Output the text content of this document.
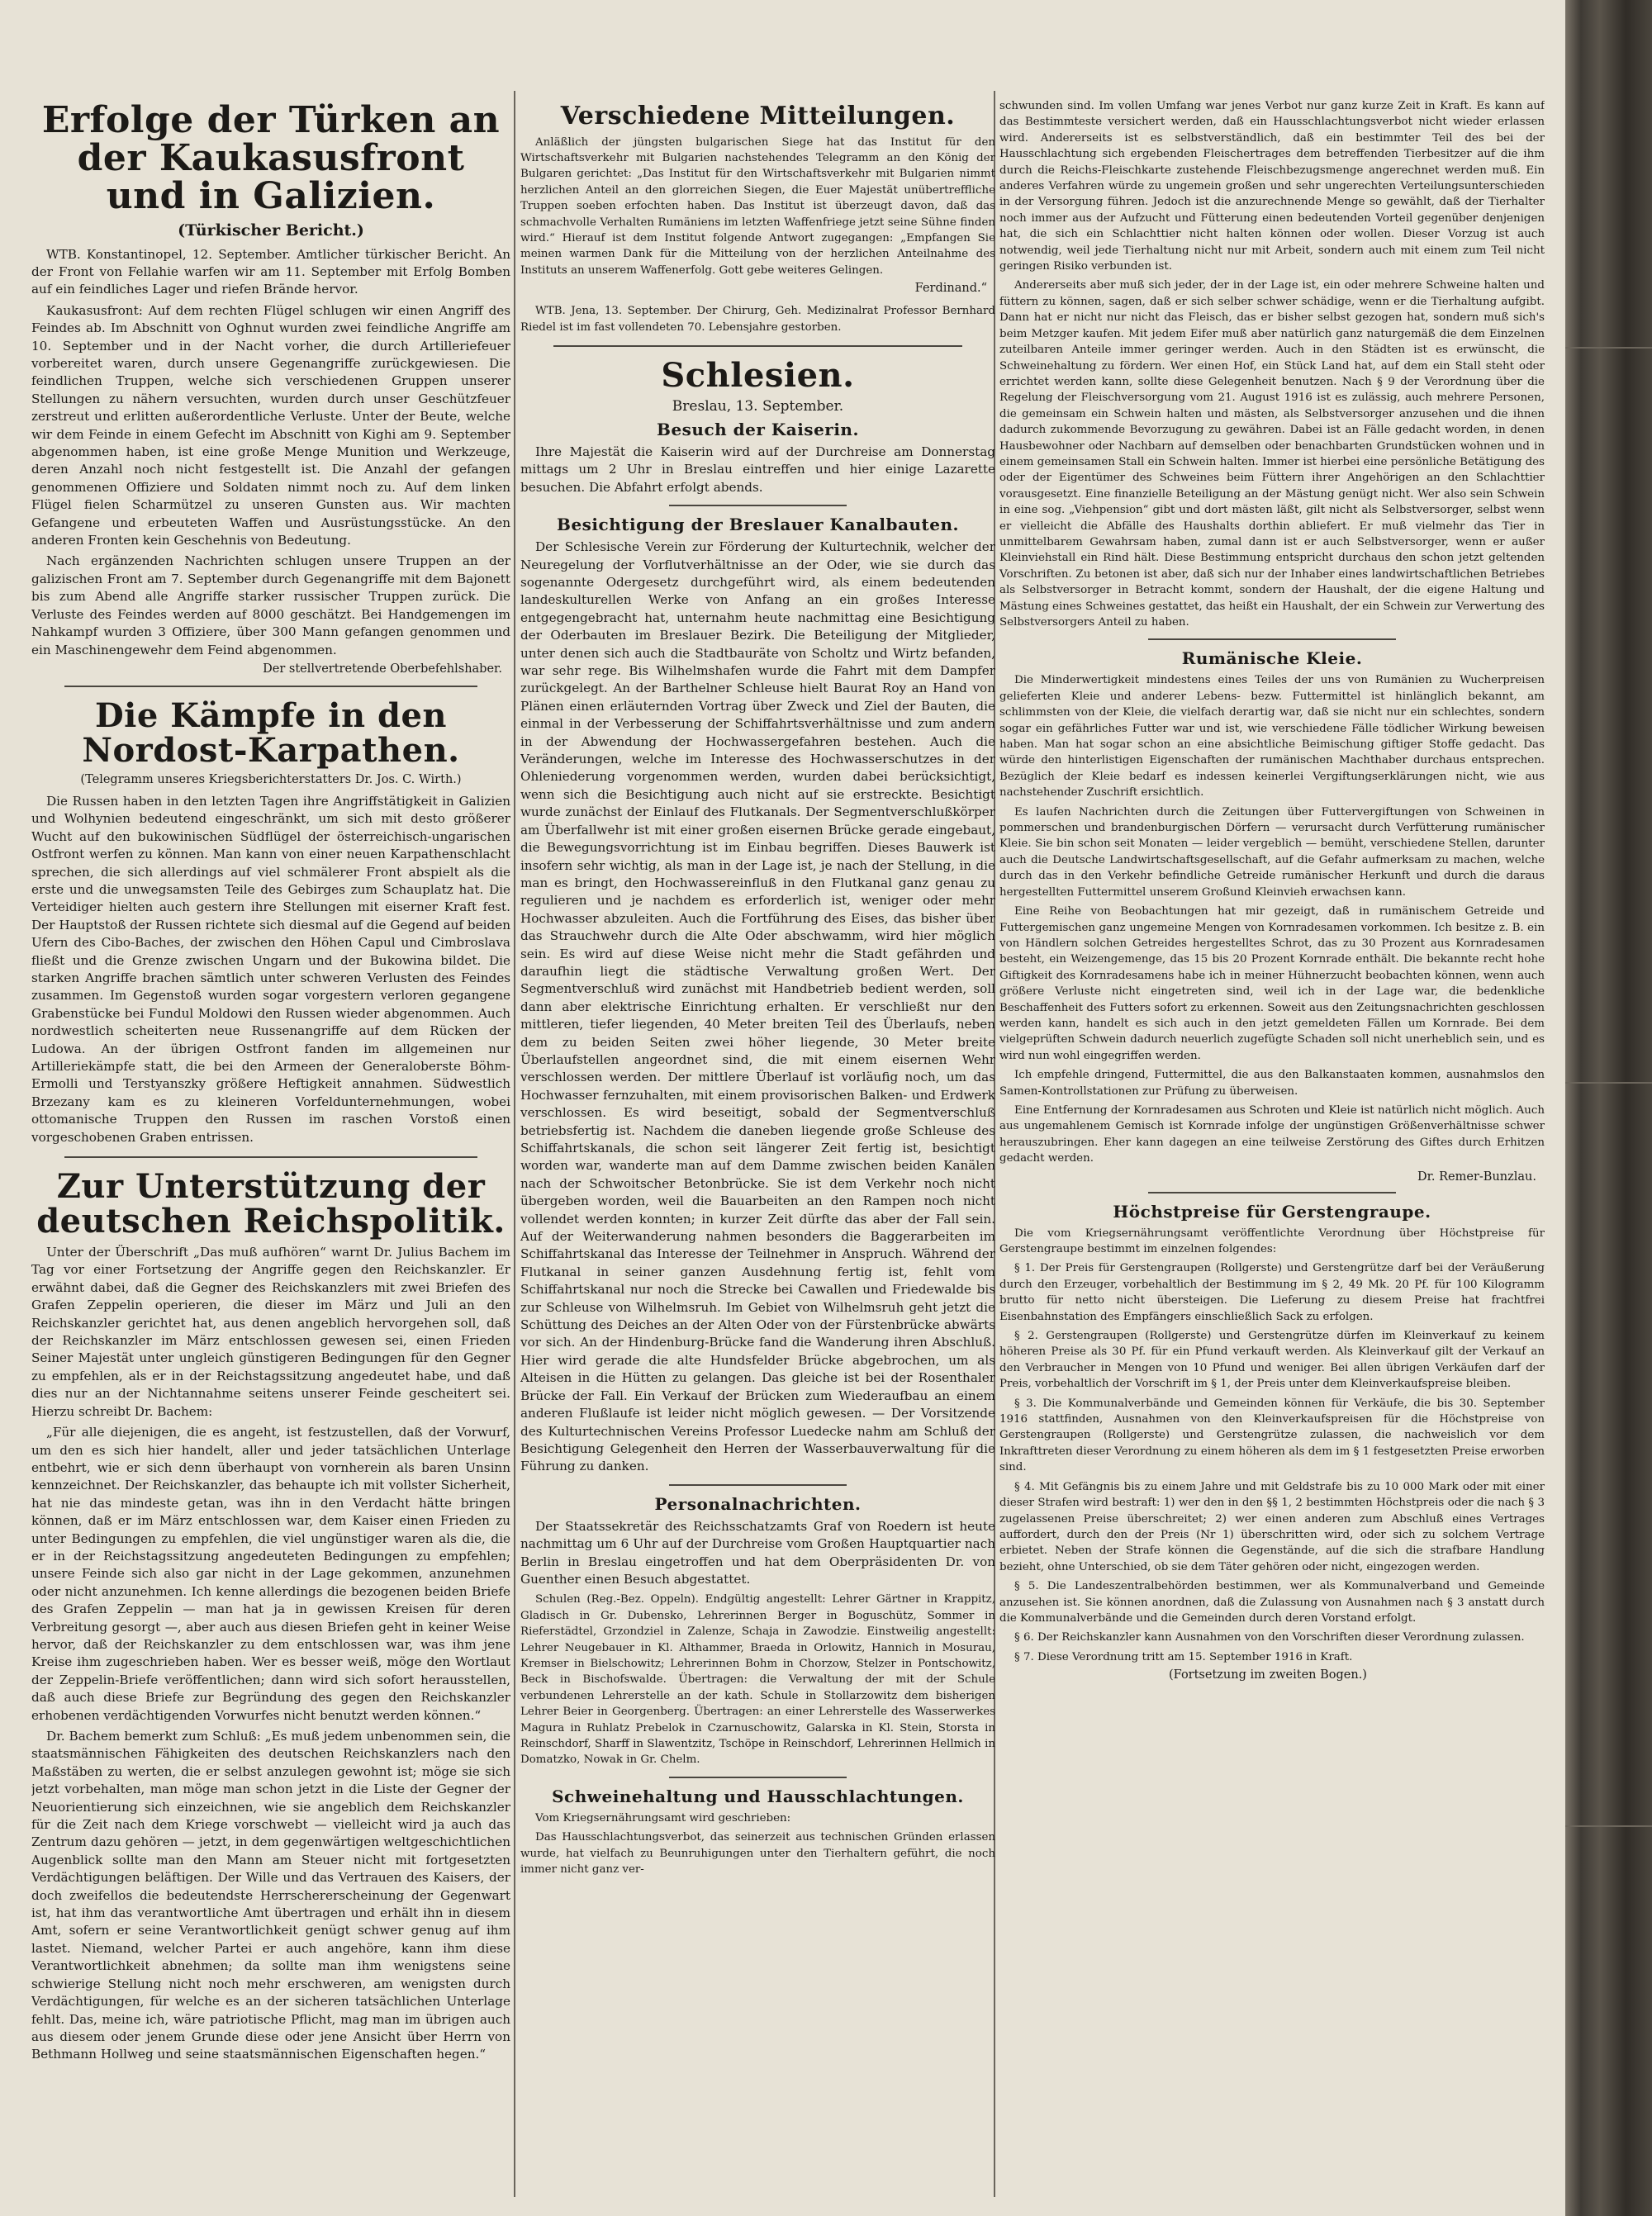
Erfolge der Türken an der Kaukasusfront und in Galizien.
(Türkischer Bericht.)

WTB. Konstantinopel, 12. September. Amtlicher türkischer Bericht. An der Front von Fellahie warfen wir am 11. September mit Erfolg Bomben auf ein feindliches Lager und riefen Brände hervor.

Kaukasusfront: Auf dem rechten Flügel schlugen wir einen Angriff des Feindes ab. Im Abschnitt von Oghnut wurden zwei feindliche Angriffe am 10. September und in der Nacht vorher, die durch Artilleriefeuer vorbereitet waren, durch unsere Gegenangriffe zurückgewiesen. Die feindlichen Truppen, welche sich verschiedenen Gruppen unserer Stellungen zu nähern versuchten, wurden durch unser Geschützfeuer zerstreut und erlitten außerordentliche Verluste. Unter der Beute, welche wir dem Feinde in einem Gefecht im Abschnitt von Kighi am 9. September abgenommen haben, ist eine große Menge Munition und Werkzeuge, deren Anzahl noch nicht festgestellt ist. Die Anzahl der gefangen genommenen Offiziere und Soldaten nimmt noch zu. Auf dem linken Flügel fielen Scharmützel zu unseren Gunsten aus. Wir machten Gefangene und erbeuteten Waffen und Ausrüstungsstücke. An den anderen Fronten kein Geschehnis von Bedeutung.

Nach ergänzenden Nachrichten schlugen unsere Truppen an der galizischen Front am 7. September durch Gegenangriffe mit dem Bajonett bis zum Abend alle Angriffe starker russischer Truppen zurück. Die Verluste des Feindes werden auf 8000 geschätzt. Bei Handgemengen im Nahkampf wurden 3 Offiziere, über 300 Mann gefangen genommen und ein Maschinengewehr dem Feind abgenommen.

Der stellvertretende Oberbefehlshaber.
Die Kämpfe in den Nordost-Karpathen.
(Telegramm unseres Kriegsberichterstatters Dr. Jos. C. Wirth.)

Die Russen haben in den letzten Tagen ihre Angriffstätigkeit in Galizien und Wolhynien bedeutend eingeschränkt, um sich mit desto größerer Wucht auf den bukowinischen Südflügel der österreichisch-ungarischen Ostfront werfen zu können. Man kann von einer neuen Karpathenschlacht sprechen, die sich allerdings auf viel schmälerer Front abspielt als die erste und die unwegsamsten Teile des Gebirges zum Schauplatz hat. Die Verteidiger hielten auch gestern ihre Stellungen mit eiserner Kraft fest. Der Hauptstoß der Russen richtete sich diesmal auf die Gegend auf beiden Ufern des Cibo-Baches, der zwischen den Höhen Capul und Cimbroslava fließt und die Grenze zwischen Ungarn und der Bukowina bildet. Die starken Angriffe brachen sämtlich unter schweren Verlusten des Feindes zusammen. Im Gegenstoß wurden sogar vorgestern verloren gegangene Grabenstücke bei Fundul Moldowi den Russen wieder abgenommen. Auch nordwestlich scheiterten neue Russenangriffe auf dem Rücken der Ludowa. An der übrigen Ostfront fanden im allgemeinen nur Artilleriekämpfe statt, die bei den Armeen der Generaloberste Böhm-Ermolli und Terstyanszky größere Heftigkeit annahmen. Südwestlich Brzezany kam es zu kleineren Vorfeldunternehmungen, wobei ottomanische Truppen den Russen im raschen Vorstoß einen vorgeschobenen Graben entrissen.

Zur Unterstützung der deutschen Reichspolitik.

Unter der Überschrift „Das muß aufhören“ warnt Dr. Julius Bachem im Tag vor einer Fortsetzung der Angriffe gegen den Reichskanzler. Er erwähnt dabei, daß die Gegner des Reichskanzlers mit zwei Briefen des Grafen Zeppelin operieren, die dieser im März und Juli an den Reichskanzler gerichtet hat, aus denen angeblich hervorgehen soll, daß der Reichskanzler im März entschlossen gewesen sei, einen Frieden Seiner Majestät unter ungleich günstigeren Bedingungen für den Gegner zu empfehlen, als er in der Reichstagssitzung angedeutet habe, und daß dies nur an der Nichtannahme seitens unserer Feinde gescheitert sei. Hierzu schreibt Dr. Bachem:

„Für alle diejenigen, die es angeht, ist festzustellen, daß der Vorwurf, um den es sich hier handelt, aller und jeder tatsächlichen Unterlage entbehrt, wie er sich denn überhaupt von vornherein als baren Unsinn kennzeichnet. Der Reichskanzler, das behaupte ich mit vollster Sicherheit, hat nie das mindeste getan, was ihn in den Verdacht hätte bringen können, daß er im März entschlossen war, dem Kaiser einen Frieden zu unter Bedingungen zu empfehlen, die viel ungünstiger waren als die, die er in der Reichstagssitzung angedeuteten Bedingungen zu empfehlen; unsere Feinde sich also gar nicht in der Lage gekommen, anzunehmen oder nicht anzunehmen. Ich kenne allerdings die bezogenen beiden Briefe des Grafen Zeppelin — man hat ja in gewissen Kreisen für deren Verbreitung gesorgt —, aber auch aus diesen Briefen geht in keiner Weise hervor, daß der Reichskanzler zu dem entschlossen war, was ihm jene Kreise ihm zugeschrieben haben. Wer es besser weiß, möge den Wortlaut der Zeppelin-Briefe veröffentlichen; dann wird sich sofort herausstellen, daß auch diese Briefe zur Begründung des gegen den Reichskanzler erhobenen verdächtigenden Vorwurfes nicht benutzt werden können.“

Dr. Bachem bemerkt zum Schluß: „Es muß jedem unbenommen sein, die staatsmännischen Fähigkeiten des deutschen Reichskanzlers nach den Maßstäben zu werten, die er selbst anzulegen gewohnt ist; möge sie sich jetzt vorbehalten, man möge man schon jetzt in die Liste der Gegner der Neuorientierung sich einzeichnen, wie sie angeblich dem Reichskanzler für die Zeit nach dem Kriege vorschwebt — vielleicht wird ja auch das Zentrum dazu gehören — jetzt, in dem gegenwärtigen weltgeschichtlichen Augenblick sollte man den Mann am Steuer nicht mit fortgesetzten Verdächtigungen beläftigen. Der Wille und das Vertrauen des Kaisers, der doch zweifellos die bedeutendste Herrschererscheinung der Gegenwart ist, hat ihm das verantwortliche Amt übertragen und erhält ihn in diesem Amt, sofern er seine Verantwortlichkeit genügt schwer genug auf ihm lastet. Niemand, welcher Partei er auch angehöre, kann ihm diese Verantwortlichkeit abnehmen; da sollte man ihm wenigstens seine schwierige Stellung nicht noch mehr erschweren, am wenigsten durch Verdächtigungen, für welche es an der sicheren tatsächlichen Unterlage fehlt. Das, meine ich, wäre patriotische Pflicht, mag man im übrigen auch aus diesem oder jenem Grunde diese oder jene Ansicht über Herrn von Bethmann Hollweg und seine staatsmännischen Eigenschaften hegen.“

Verschiedene Mitteilungen.

Anläßlich der jüngsten bulgarischen Siege hat das Institut für den Wirtschaftsverkehr mit Bulgarien nachstehendes Telegramm an den König der Bulgaren gerichtet: „Das Institut für den Wirtschaftsverkehr mit Bulgarien nimmt herzlichen Anteil an den glorreichen Siegen, die Euer Majestät unübertreffliche Truppen soeben erfochten haben. Das Institut ist überzeugt davon, daß das schmachvolle Verhalten Rumäniens im letzten Waffenfriege jetzt seine Sühne finden wird.“ Hierauf ist dem Institut folgende Antwort zugegangen: „Empfangen Sie meinen warmen Dank für die Mitteilung von der herzlichen Anteilnahme des Instituts an unserem Waffenerfolg. Gott gebe weiteres Gelingen.

Ferdinand.“

WTB. Jena, 13. September. Der Chirurg, Geh. Medizinalrat Professor Bernhard Riedel ist im fast vollendeten 70. Lebensjahre gestorben.

Schlesien.
Breslau, 13. September.
Besuch der Kaiserin.

Ihre Majestät die Kaiserin wird auf der Durchreise am Donnerstag mittags um 2 Uhr in Breslau eintreffen und hier einige Lazarette besuchen. Die Abfahrt erfolgt abends.

Besichtigung der Breslauer Kanalbauten.

Der Schlesische Verein zur Förderung der Kulturtechnik, welcher der Neuregelung der Vorflutverhältnisse an der Oder, wie sie durch das sogenannte Odergesetz durchgeführt wird, als einem bedeutenden landeskulturellen Werke von Anfang an ein großes Interesse entgegengebracht hat, unternahm heute nachmittag eine Besichtigung der Oderbauten im Breslauer Bezirk. Die Beteiligung der Mitglieder, unter denen sich auch die Stadtbauräte von Scholtz und Wirtz befanden, war sehr rege. Bis Wilhelmshafen wurde die Fahrt mit dem Dampfer zurückgelegt. An der Barthelner Schleuse hielt Baurat Roy an Hand von Plänen einen erläuternden Vortrag über Zweck und Ziel der Bauten, die einmal in der Verbesserung der Schiffahrtsverhältnisse und zum andern in der Abwendung der Hochwassergefahren bestehen. Auch die Veränderungen, welche im Interesse des Hochwasserschutzes in der Ohleniederung vorgenommen werden, wurden dabei berücksichtigt, wenn sich die Besichtigung auch nicht auf sie erstreckte. Besichtigt wurde zunächst der Einlauf des Flutkanals. Der Segmentverschlußkörper am Überfallwehr ist mit einer großen eisernen Brücke gerade eingebaut, die Bewegungsvorrichtung ist im Einbau begriffen. Dieses Bauwerk ist insofern sehr wichtig, als man in der Lage ist, je nach der Stellung, in die man es bringt, den Hochwassereinfluß in den Flutkanal ganz genau zu regulieren und je nachdem es erforderlich ist, weniger oder mehr Hochwasser abzuleiten. Auch die Fortführung des Eises, das bisher über das Strauchwehr durch die Alte Oder abschwamm, wird hier möglich sein. Es wird auf diese Weise nicht mehr die Stadt gefährden und daraufhin liegt die städtische Verwaltung großen Wert. Der Segmentverschluß wird zunächst mit Handbetrieb bedient werden, soll dann aber elektrische Einrichtung erhalten. Er verschließt nur den mittleren, tiefer liegenden, 40 Meter breiten Teil des Überlaufs, neben dem zu beiden Seiten zwei höher liegende, 30 Meter breite Überlaufstellen angeordnet sind, die mit einem eisernen Wehr verschlossen werden. Der mittlere Überlauf ist vorläufig noch, um das Hochwasser fernzuhalten, mit einem provisorischen Balken- und Erdwerk verschlossen. Es wird beseitigt, sobald der Segmentverschluß betriebsfertig ist. Nachdem die daneben liegende große Schleuse des Schiffahrtskanals, die schon seit längerer Zeit fertig ist, besichtigt worden war, wanderte man auf dem Damme zwischen beiden Kanälen nach der Schwoitscher Betonbrücke. Sie ist dem Verkehr noch nicht übergeben worden, weil die Bauarbeiten an den Rampen noch nicht vollendet werden konnten; in kurzer Zeit dürfte das aber der Fall sein. Auf der Weiterwanderung nahmen besonders die Baggerarbeiten im Schiffahrtskanal das Interesse der Teilnehmer in Anspruch. Während der Flutkanal in seiner ganzen Ausdehnung fertig ist, fehlt vom Schiffahrtskanal nur noch die Strecke bei Cawallen und Friedewalde bis zur Schleuse von Wilhelmsruh. Im Gebiet von Wilhelmsruh geht jetzt die Schüttung des Deiches an der Alten Oder von der Fürstenbrücke abwärts vor sich. An der Hindenburg-Brücke fand die Wanderung ihren Abschluß. Hier wird gerade die alte Hundsfelder Brücke abgebrochen, um als Alteisen in die Hütten zu gelangen. Das gleiche ist bei der Rosenthaler Brücke der Fall. Ein Verkauf der Brücken zum Wiederaufbau an einem anderen Flußlaufe ist leider nicht möglich gewesen. — Der Vorsitzende des Kulturtechnischen Vereins Professor Luedecke nahm am Schluß der Besichtigung Gelegenheit den Herren der Wasserbauverwaltung für die Führung zu danken.

Personalnachrichten.

Der Staatssekretär des Reichsschatzamts Graf von Roedern ist heute nachmittag um 6 Uhr auf der Durchreise vom Großen Hauptquartier nach Berlin in Breslau eingetroffen und hat dem Oberpräsidenten Dr. von Guenther einen Besuch abgestattet.

Schulen (Reg.-Bez. Oppeln). Endgültig angestellt: Lehrer Gärtner in Krappitz, Gladisch in Gr. Dubensko, Lehrerinnen Berger in Boguschütz, Sommer in Rieferstädtel, Grzondziel in Zalenze, Schaja in Zawodzie. Einstweilig angestellt: Lehrer Neugebauer in Kl. Althammer, Braeda in Orlowitz, Hannich in Mosurau, Kremser in Bielschowitz; Lehrerinnen Bohm in Chorzow, Stelzer in Pontschowitz, Beck in Bischofswalde. Übertragen: die Verwaltung der mit der Schule verbundenen Lehrerstelle an der kath. Schule in Stollarzowitz dem bisherigen Lehrer Beier in Georgenberg. Übertragen: an einer Lehrerstelle des Wasserwerkes Magura in Ruhlatz Prebelok in Czarnuschowitz, Galarska in Kl. Stein, Storsta in Reinschdorf, Sharff in Slawentzitz, Tschöpe in Reinschdorf, Lehrerinnen Hellmich in Domatzko, Nowak in Gr. Chelm.

Schweinehaltung und Hausschlachtungen.

Vom Kriegsernährungsamt wird geschrieben:

Das Hausschlachtungsverbot, das seinerzeit aus technischen Gründen erlassen wurde, hat vielfach zu Beunruhigungen unter den Tierhaltern geführt, die noch immer nicht ganz ver-

schwunden sind. Im vollen Umfang war jenes Verbot nur ganz kurze Zeit in Kraft. Es kann auf das Bestimmteste versichert werden, daß ein Hausschlachtungsverbot nicht wieder erlassen wird. Andererseits ist es selbstverständlich, daß ein bestimmter Teil des bei der Hausschlachtung sich ergebenden Fleischertrages dem betreffenden Tierbesitzer auf die ihm durch die Reichs-Fleischkarte zustehende Fleischbezugsmenge angerechnet werden muß. Ein anderes Verfahren würde zu ungemein großen und sehr ungerechten Verteilungsunterschieden in der Versorgung führen. Jedoch ist die anzurechnende Menge so gewählt, daß der Tierhalter noch immer aus der Aufzucht und Fütterung einen bedeutenden Vorteil gegenüber denjenigen hat, die sich ein Schlachttier nicht halten können oder wollen. Dieser Vorzug ist auch notwendig, weil jede Tierhaltung nicht nur mit Arbeit, sondern auch mit einem zum Teil nicht geringen Risiko verbunden ist.

Andererseits aber muß sich jeder, der in der Lage ist, ein oder mehrere Schweine halten und füttern zu können, sagen, daß er sich selber schwer schädige, wenn er die Tierhaltung aufgibt. Dann hat er nicht nur nicht das Fleisch, das er bisher selbst gezogen hat, sondern muß sich's beim Metzger kaufen. Mit jedem Eifer muß aber natürlich ganz naturgemäß die dem Einzelnen zuteilbaren Anteile immer geringer werden. Auch in den Städten ist es erwünscht, die Schweinehaltung zu fördern. Wer einen Hof, ein Stück Land hat, auf dem ein Stall steht oder errichtet werden kann, sollte diese Gelegenheit benutzen. Nach § 9 der Verordnung über die Regelung der Fleischversorgung vom 21. August 1916 ist es zulässig, auch mehrere Personen, die gemeinsam ein Schwein halten und mästen, als Selbstversorger anzusehen und die ihnen dadurch zukommende Bevorzugung zu gewähren. Dabei ist an Fälle gedacht worden, in denen Hausbewohner oder Nachbarn auf demselben oder benachbarten Grundstücken wohnen und in einem gemeinsamen Stall ein Schwein halten. Immer ist hierbei eine persönliche Betätigung des oder der Eigentümer des Schweines beim Füttern ihrer Angehörigen an den Schlachttier vorausgesetzt. Eine finanzielle Beteiligung an der Mästung genügt nicht. Wer also sein Schwein in eine sog. „Viehpension“ gibt und dort mästen läßt, gilt nicht als Selbstversorger, selbst wenn er vielleicht die Abfälle des Haushalts dorthin abliefert. Er muß vielmehr das Tier in unmittelbarem Gewahrsam haben, zumal dann ist er auch Selbstversorger, wenn er außer Kleinviehstall ein Rind hält. Diese Bestimmung entspricht durchaus den schon jetzt geltenden Vorschriften. Zu betonen ist aber, daß sich nur der Inhaber eines landwirtschaftlichen Betriebes als Selbstversorger in Betracht kommt, sondern der Haushalt, der die eigene Haltung und Mästung eines Schweines gestattet, das heißt ein Haushalt, der ein Schwein zur Verwertung des Selbstversorgers Anteil zu haben.

Rumänische Kleie.

Die Minderwertigkeit mindestens eines Teiles der uns von Rumänien zu Wucherpreisen gelieferten Kleie und anderer Lebens- bezw. Futtermittel ist hinlänglich bekannt, am schlimmsten von der Kleie, die vielfach derartig war, daß sie nicht nur ein schlechtes, sondern sogar ein gefährliches Futter war und ist, wie verschiedene Fälle tödlicher Wirkung beweisen haben. Man hat sogar schon an eine absichtliche Beimischung giftiger Stoffe gedacht. Das würde den hinterlistigen Eigenschaften der rumänischen Machthaber durchaus entsprechen. Bezüglich der Kleie bedarf es indessen keinerlei Vergiftungserklärungen nicht, wie aus nachstehender Zuschrift ersichtlich.

Es laufen Nachrichten durch die Zeitungen über Futtervergiftungen von Schweinen in pommerschen und brandenburgischen Dörfern — verursacht durch Verfütterung rumänischer Kleie. Sie bin schon seit Monaten — leider vergeblich — bemüht, verschiedene Stellen, darunter auch die Deutsche Landwirtschaftsgesellschaft, auf die Gefahr aufmerksam zu machen, welche durch das in den Verkehr befindliche Getreide rumänischer Herkunft und durch die daraus hergestellten Futtermittel unserem Großund Kleinvieh erwachsen kann.

Eine Reihe von Beobachtungen hat mir gezeigt, daß in rumänischem Getreide und Futtergemischen ganz ungemeine Mengen von Kornradesamen vorkommen. Ich besitze z. B. ein von Händlern solchen Getreides hergestelltes Schrot, das zu 30 Prozent aus Kornradesamen besteht, ein Weizengemenge, das 15 bis 20 Prozent Kornrade enthält. Die bekannte recht hohe Giftigkeit des Kornradesamens habe ich in meiner Hühnerzucht beobachten können, wenn auch größere Verluste nicht eingetreten sind, weil ich in der Lage war, die bedenkliche Beschaffenheit des Futters sofort zu erkennen. Soweit aus den Zeitungsnachrichten geschlossen werden kann, handelt es sich auch in den jetzt gemeldeten Fällen um Kornrade. Bei dem vielgeprüften Schwein dadurch neuerlich zugefügte Schaden soll nicht unerheblich sein, und es wird nun wohl eingegriffen werden.

Ich empfehle dringend, Futtermittel, die aus den Balkanstaaten kommen, ausnahmslos den Samen-Kontrollstationen zur Prüfung zu überweisen.

Eine Entfernung der Kornradesamen aus Schroten und Kleie ist natürlich nicht möglich. Auch aus ungemahlenem Gemisch ist Kornrade infolge der ungünstigen Größenverhältnisse schwer herauszubringen. Eher kann dagegen an eine teilweise Zerstörung des Giftes durch Erhitzen gedacht werden.

Dr. Remer-Bunzlau.
Höchstpreise für Gerstengraupe.

Die vom Kriegsernährungsamt veröffentlichte Verordnung über Höchstpreise für Gerstengraupe bestimmt im einzelnen folgendes:

§ 1. Der Preis für Gerstengraupen (Rollgerste) und Gerstengrütze darf bei der Veräußerung durch den Erzeuger, vorbehaltlich der Bestimmung im § 2, 49 Mk. 20 Pf. für 100 Kilogramm brutto für netto nicht übersteigen. Die Lieferung zu diesem Preise hat frachtfrei Eisenbahnstation des Empfängers einschließlich Sack zu erfolgen.

§ 2. Gerstengraupen (Rollgerste) und Gerstengrütze dürfen im Kleinverkauf zu keinem höheren Preise als 30 Pf. für ein Pfund verkauft werden. Als Kleinverkauf gilt der Verkauf an den Verbraucher in Mengen von 10 Pfund und weniger. Bei allen übrigen Verkäufen darf der Preis, vorbehaltlich der Vorschrift im § 1, der Preis unter dem Kleinverkaufspreise bleiben.

§ 3. Die Kommunalverbände und Gemeinden können für Verkäufe, die bis 30. September 1916 stattfinden, Ausnahmen von den Kleinverkaufspreisen für die Höchstpreise von Gerstengraupen (Rollgerste) und Gerstengrütze zulassen, die nachweislich vor dem Inkrafttreten dieser Verordnung zu einem höheren als dem im § 1 festgesetzten Preise erworben sind.

§ 4. Mit Gefängnis bis zu einem Jahre und mit Geldstrafe bis zu 10 000 Mark oder mit einer dieser Strafen wird bestraft: 1) wer den in den §§ 1, 2 bestimmten Höchstpreis oder die nach § 3 zugelassenen Preise überschreitet; 2) wer einen anderen zum Abschluß eines Vertrages auffordert, durch den der Preis (Nr 1) überschritten wird, oder sich zu solchem Vertrage erbietet. Neben der Strafe können die Gegenstände, auf die sich die strafbare Handlung bezieht, ohne Unterschied, ob sie dem Täter gehören oder nicht, eingezogen werden.

§ 5. Die Landeszentralbehörden bestimmen, wer als Kommunalverband und Gemeinde anzusehen ist. Sie können anordnen, daß die Zulassung von Ausnahmen nach § 3 anstatt durch die Kommunalverbände und die Gemeinden durch deren Vorstand erfolgt.

§ 6. Der Reichskanzler kann Ausnahmen von den Vorschriften dieser Verordnung zulassen.

§ 7. Diese Verordnung tritt am 15. September 1916 in Kraft.

(Fortsetzung im zweiten Bogen.)
